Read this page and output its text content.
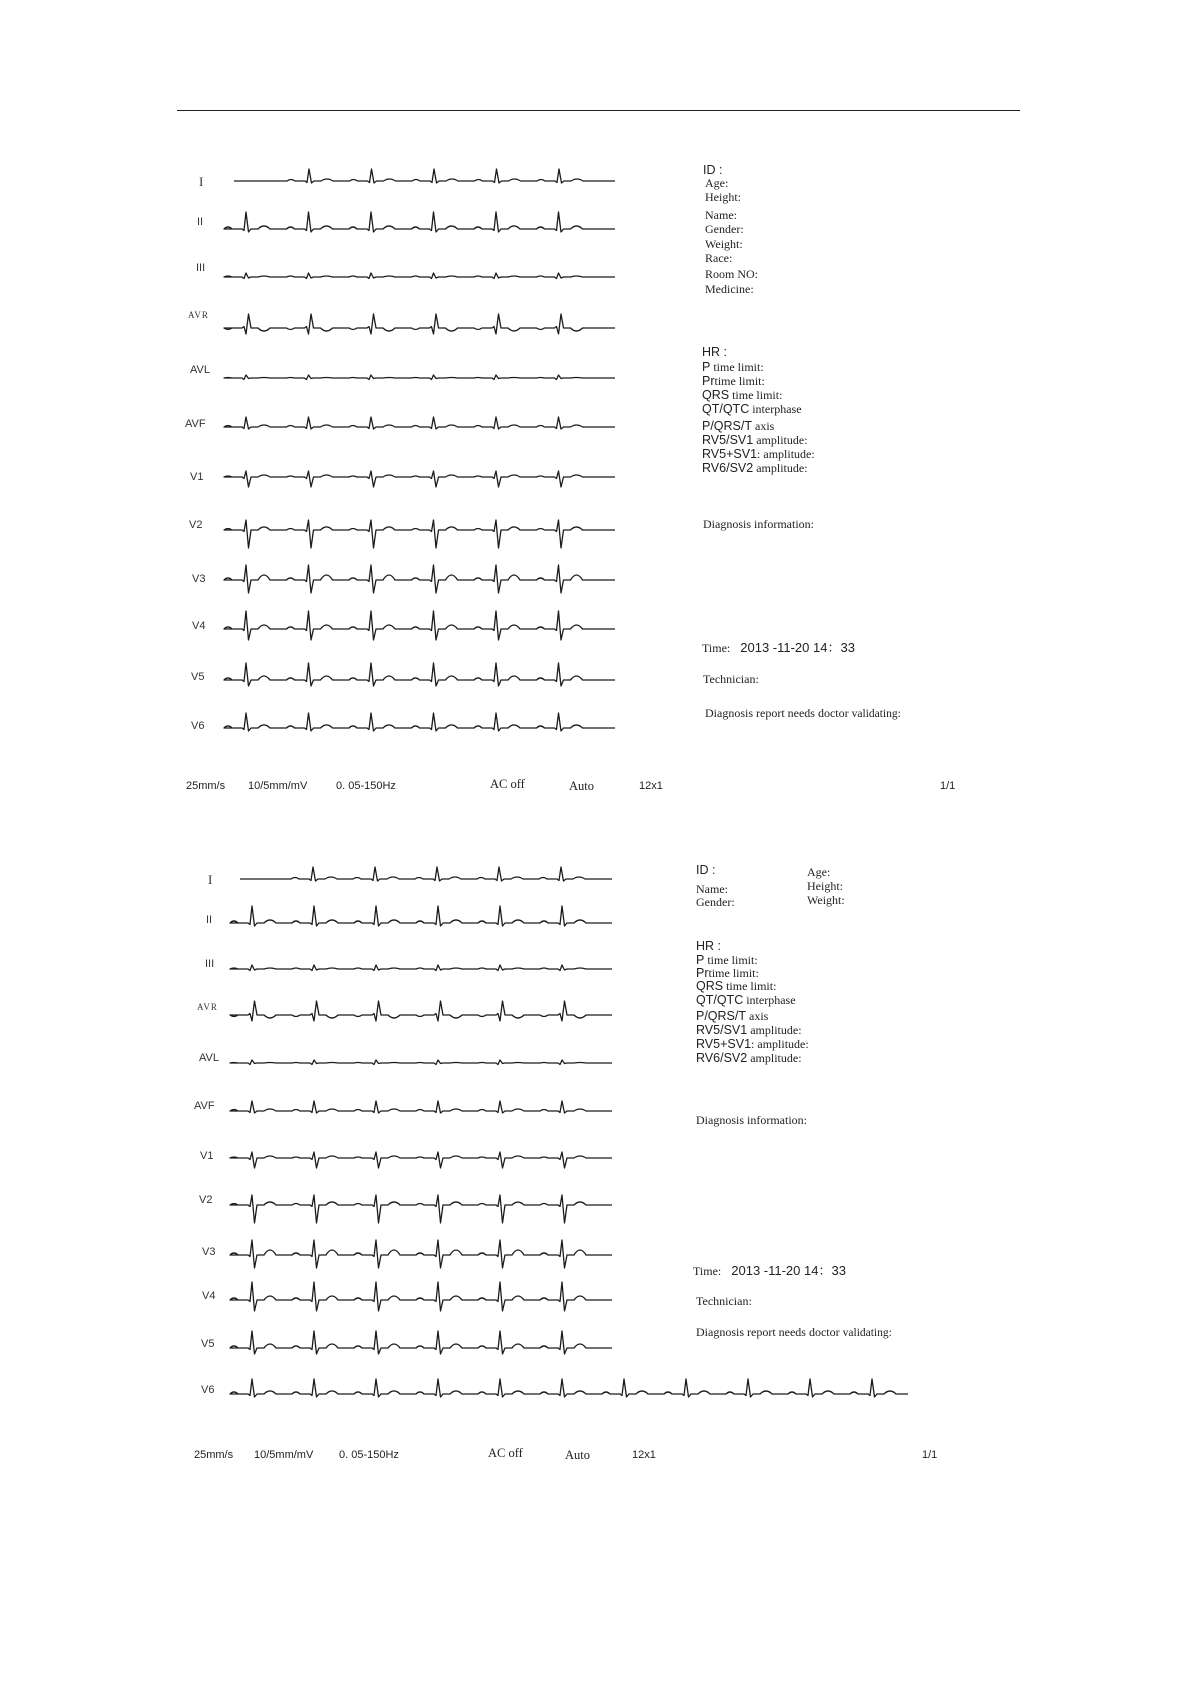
I
II
III
AVR
AVL
AVF
V1
V2
V3
V4
V5
V6
ID :
Age:
Height:
Name:
Gender:
Weight:
Race:
Room NO:
Medicine:
HR :
P time limit:
Prtime limit:
QRS time limit:
QT/QTC interphase
P/QRS/T axis
RV5/SV1 amplitude:
RV5+SV1: amplitude:
RV6/SV2 amplitude:
Diagnosis information:
Time: 2013 -11-20 14：33
Technician:
Diagnosis report needs doctor validating:
25mm/s 10/5mm/mV	0. 05-150Hz	AC off	Auto	12x1	1/1
I
II
III
AVR
AVL
AVF
V1
V2
V3
V4
V5
V6
ID :	Age:
Height:
Name:
Gender:	Weight:
HR :
P time limit:
Prtime limit:
QRS time limit:
QT/QTC interphase
P/QRS/T axis
RV5/SV1 amplitude:
RV5+SV1: amplitude:
RV6/SV2 amplitude:
Diagnosis information:
Time: 2013 -11-20 14：33
Technician:
Diagnosis report needs doctor validating:
25mm/s 10/5mm/mV 0. 05-150Hz	AC off	Auto	12x1	1/1
